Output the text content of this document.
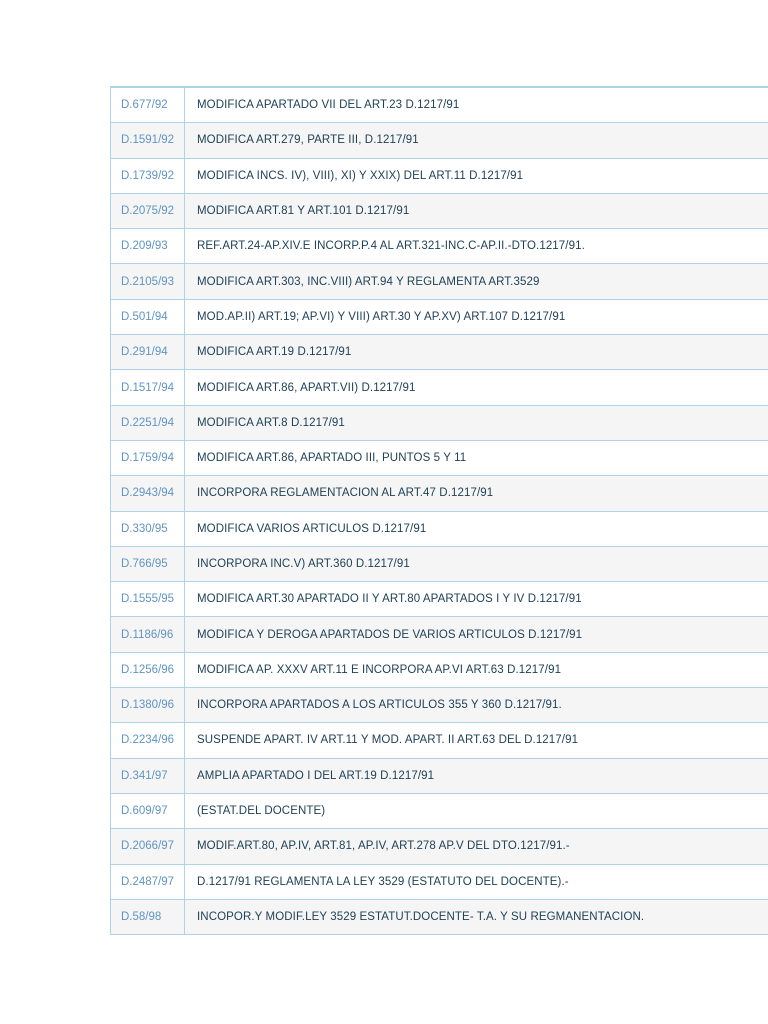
D.677/92	MODIFICA APARTADO VII DEL ART.23 D.1217/91
D.1591/92 MODIFICA ART.279, PARTE III, D.1217/91
D.1739/92 MODIFICA INCS. IV), VIII), XI) Y XXIX) DEL ART.11 D.1217/91
D.2075/92 MODIFICA ART.81 Y ART.101 D.1217/91
D.209/93	REF.ART.24-AP.XIV.E INCORP.P.4 AL ART.321-INC.C-AP.II.-DTO.1217/91.
D.2105/93 MODIFICA ART.303, INC.VIII) ART.94 Y REGLAMENTA ART.3529
D.501/94	MOD.AP.II) ART.19; AP.VI) Y VIII) ART.30 Y AP.XV) ART.107 D.1217/91
D.291/94	MODIFICA ART.19 D.1217/91
D.1517/94 MODIFICA ART.86, APART.VII) D.1217/91
D.2251/94 MODIFICA ART.8 D.1217/91
D.1759/94 MODIFICA ART.86, APARTADO III, PUNTOS 5 Y 11
D.2943/94 INCORPORA REGLAMENTACION AL ART.47 D.1217/91
D.330/95	MODIFICA VARIOS ARTICULOS D.1217/91
D.766/95	INCORPORA INC.V) ART.360 D.1217/91
D.1555/95 MODIFICA ART.30 APARTADO II Y ART.80 APARTADOS I Y IV D.1217/91
D.1186/96 MODIFICA Y DEROGA APARTADOS DE VARIOS ARTICULOS D.1217/91
D.1256/96 MODIFICA AP. XXXV ART.11 E INCORPORA AP.VI ART.63 D.1217/91
D.1380/96 INCORPORA APARTADOS A LOS ARTICULOS 355 Y 360 D.1217/91.
D.2234/96 SUSPENDE APART. IV ART.11 Y MOD. APART. II ART.63 DEL D.1217/91
D.341/97	AMPLIA APARTADO I DEL ART.19 D.1217/91
D.609/97	(ESTAT.DEL DOCENTE)
D.2066/97 MODIF.ART.80, AP.IV, ART.81, AP.IV, ART.278 AP.V DEL DTO.1217/91.-
D.2487/97 D.1217/91 REGLAMENTA LA LEY 3529 (ESTATUTO DEL DOCENTE).-
D.58/98	INCOPOR.Y MODIF.LEY 3529 ESTATUT.DOCENTE- T.A. Y SU REGMANENTACION.
